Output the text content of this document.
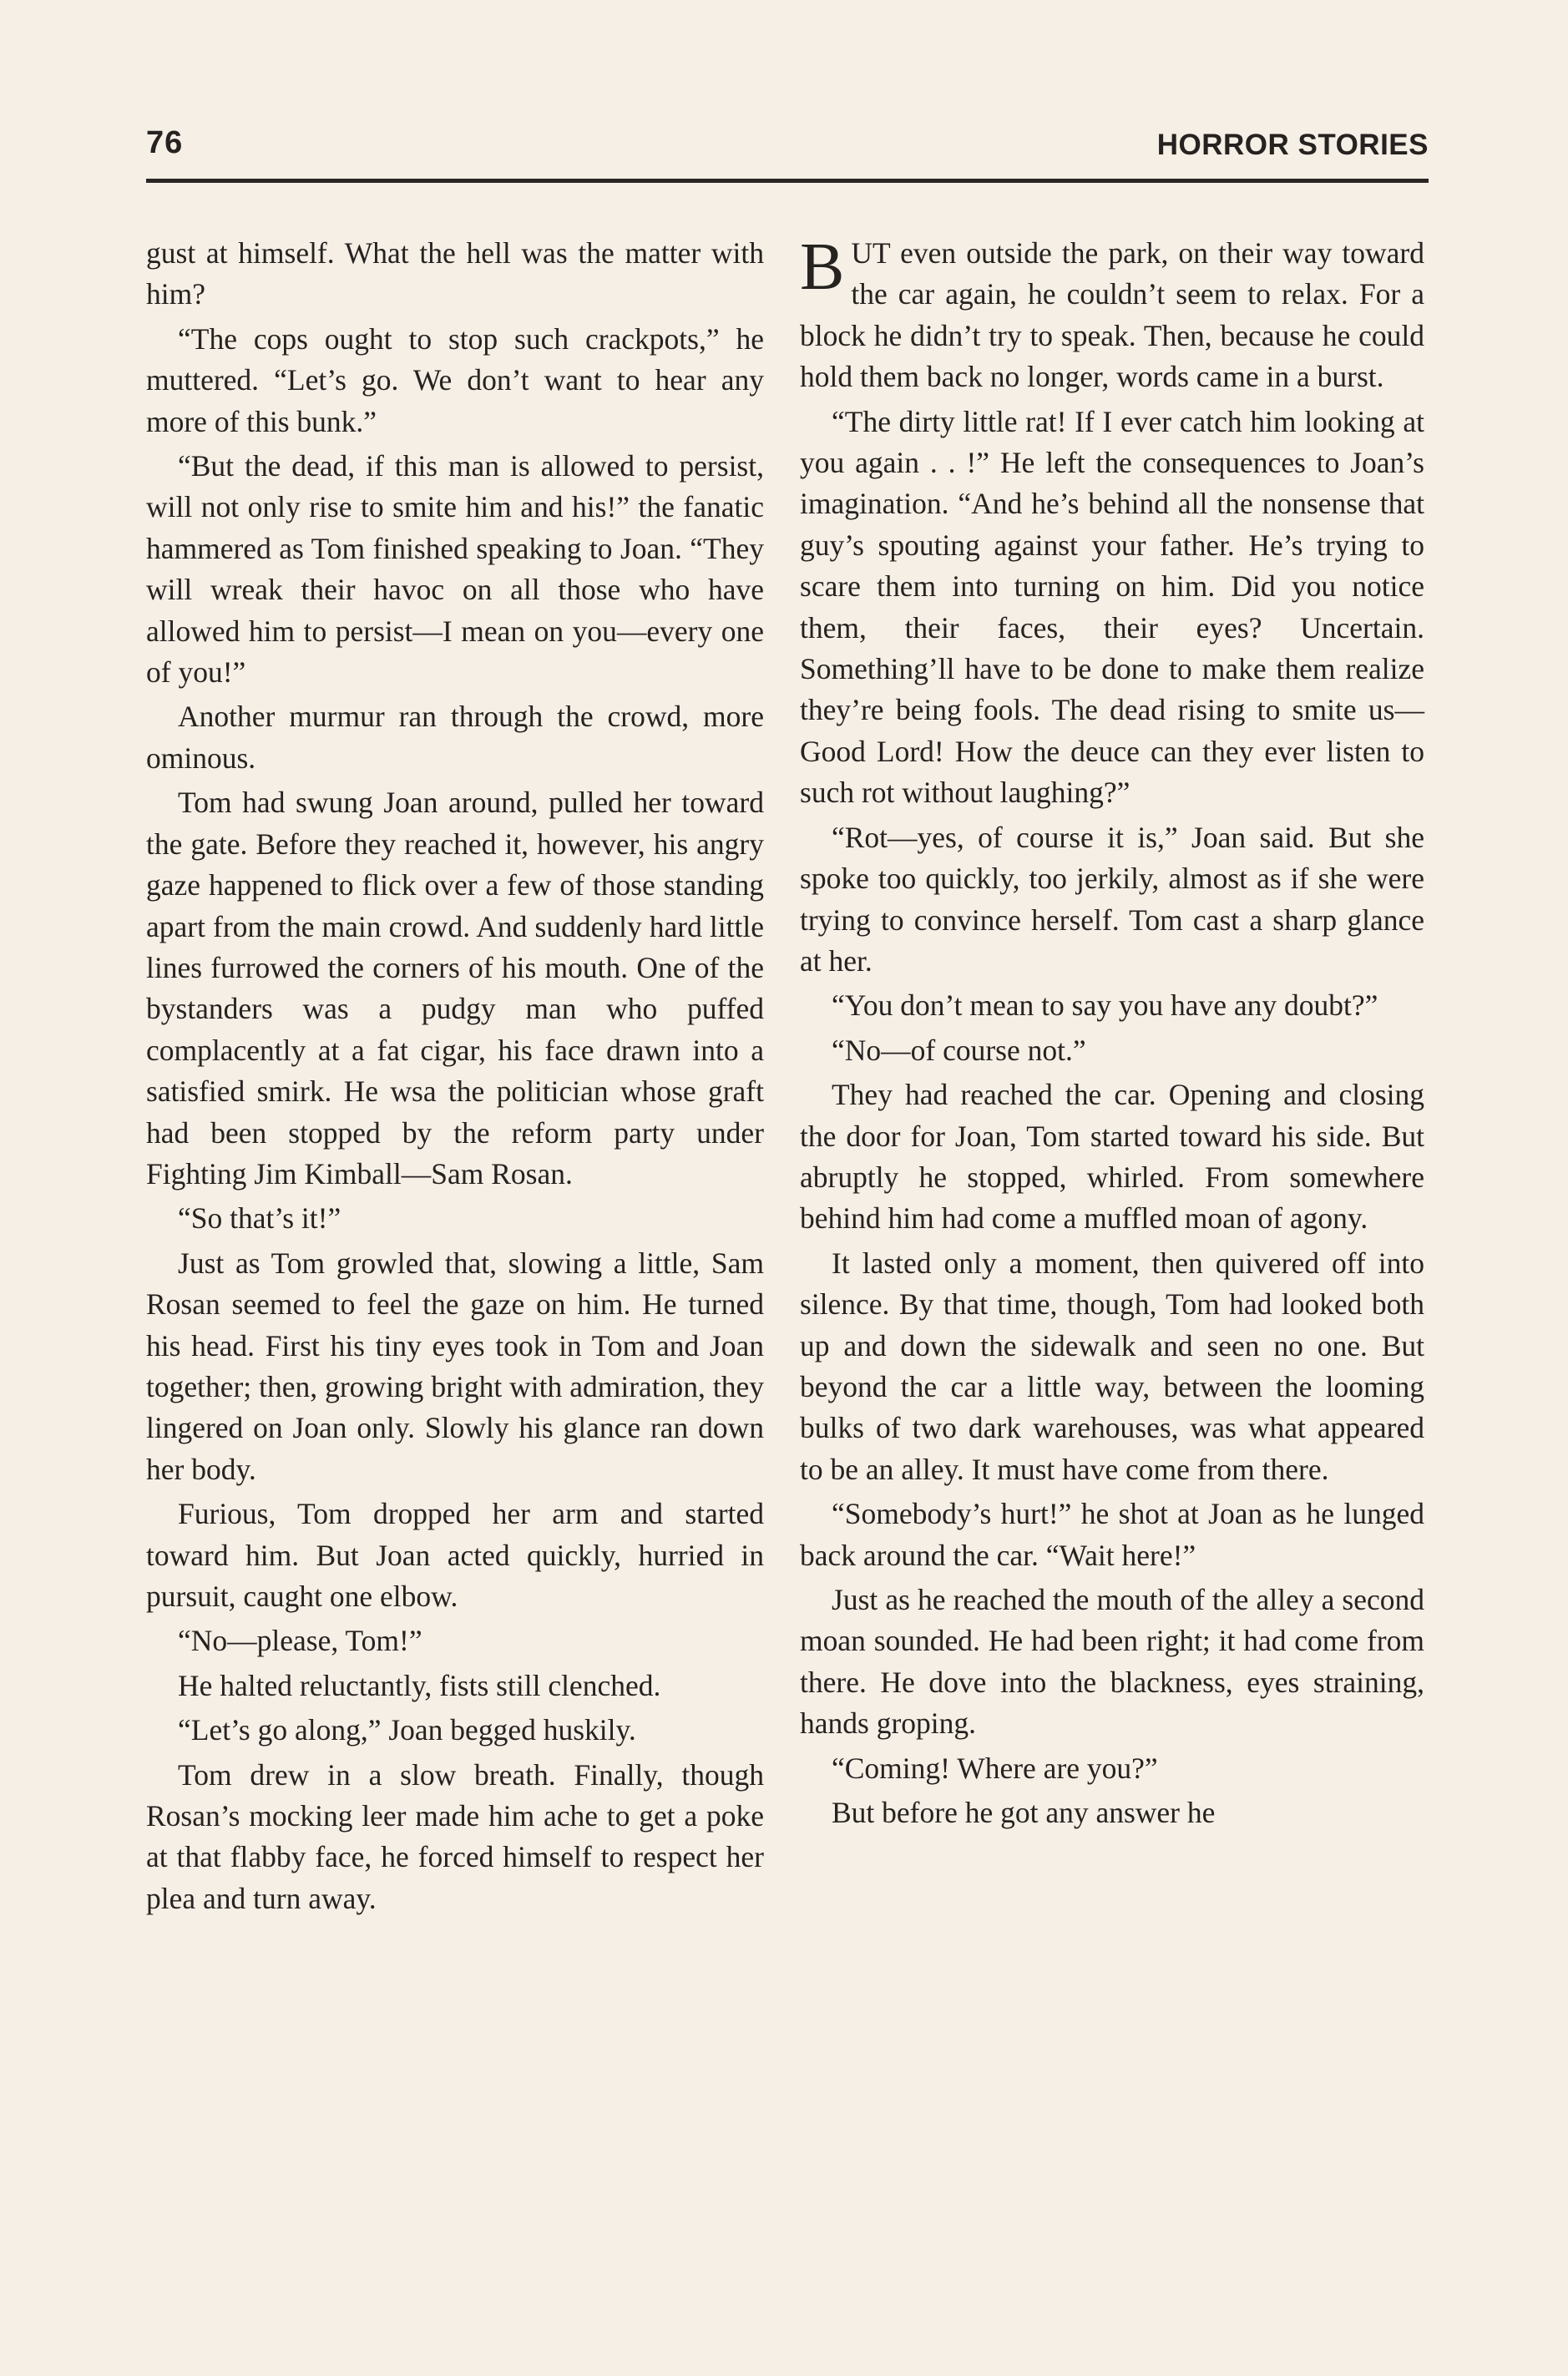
76	HORROR STORIES

gust at himself. What the hell was the matter with him?

“The cops ought to stop such crackpots,” he muttered. “Let’s go. We don’t want to hear any more of this bunk.”

“But the dead, if this man is allowed to persist, will not only rise to smite him and his!” the fanatic hammered as Tom finished speaking to Joan. “They will wreak their havoc on all those who have allowed him to persist—I mean on you—every one of you!”

Another murmur ran through the crowd, more ominous.

Tom had swung Joan around, pulled her toward the gate. Before they reached it, however, his angry gaze happened to flick over a few of those standing apart from the main crowd. And suddenly hard little lines furrowed the corners of his mouth. One of the bystanders was a pudgy man who puffed complacently at a fat cigar, his face drawn into a satisfied smirk. He wsa the politician whose graft had been stopped by the reform party under Fighting Jim Kimball—Sam Rosan.

“So that’s it!”

Just as Tom growled that, slowing a little, Sam Rosan seemed to feel the gaze on him. He turned his head. First his tiny eyes took in Tom and Joan together; then, growing bright with admiration, they lingered on Joan only. Slowly his glance ran down her body.

Furious, Tom dropped her arm and started toward him. But Joan acted quickly, hurried in pursuit, caught one elbow.

“No—please, Tom!”

He halted reluctantly, fists still clenched.

“Let’s go along,” Joan begged huskily.

Tom drew in a slow breath. Finally, though Rosan’s mocking leer made him ache to get a poke at that flabby face, he forced himself to respect her plea and turn away.

BUT even outside the park, on their way toward the car again, he couldn’t seem to relax. For a block he didn’t try to speak. Then, because he could hold them back no longer, words came in a burst.

“The dirty little rat! If I ever catch him looking at you again . . !” He left the consequences to Joan’s imagination. “And he’s behind all the nonsense that guy’s spouting against your father. He’s trying to scare them into turning on him. Did you notice them, their faces, their eyes? Uncertain. Something’ll have to be done to make them realize they’re being fools. The dead rising to smite us—Good Lord! How the deuce can they ever listen to such rot without laughing?”

“Rot—yes, of course it is,” Joan said. But she spoke too quickly, too jerkily, almost as if she were trying to convince herself. Tom cast a sharp glance at her.

“You don’t mean to say you have any doubt?”

“No—of course not.”

They had reached the car. Opening and closing the door for Joan, Tom started toward his side. But abruptly he stopped, whirled. From somewhere behind him had come a muffled moan of agony.

It lasted only a moment, then quivered off into silence. By that time, though, Tom had looked both up and down the sidewalk and seen no one. But beyond the car a little way, between the looming bulks of two dark warehouses, was what appeared to be an alley. It must have come from there.

“Somebody’s hurt!” he shot at Joan as he lunged back around the car. “Wait here!”

Just as he reached the mouth of the alley a second moan sounded. He had been right; it had come from there. He dove into the blackness, eyes straining, hands groping.

“Coming! Where are you?”

But before he got any answer he
